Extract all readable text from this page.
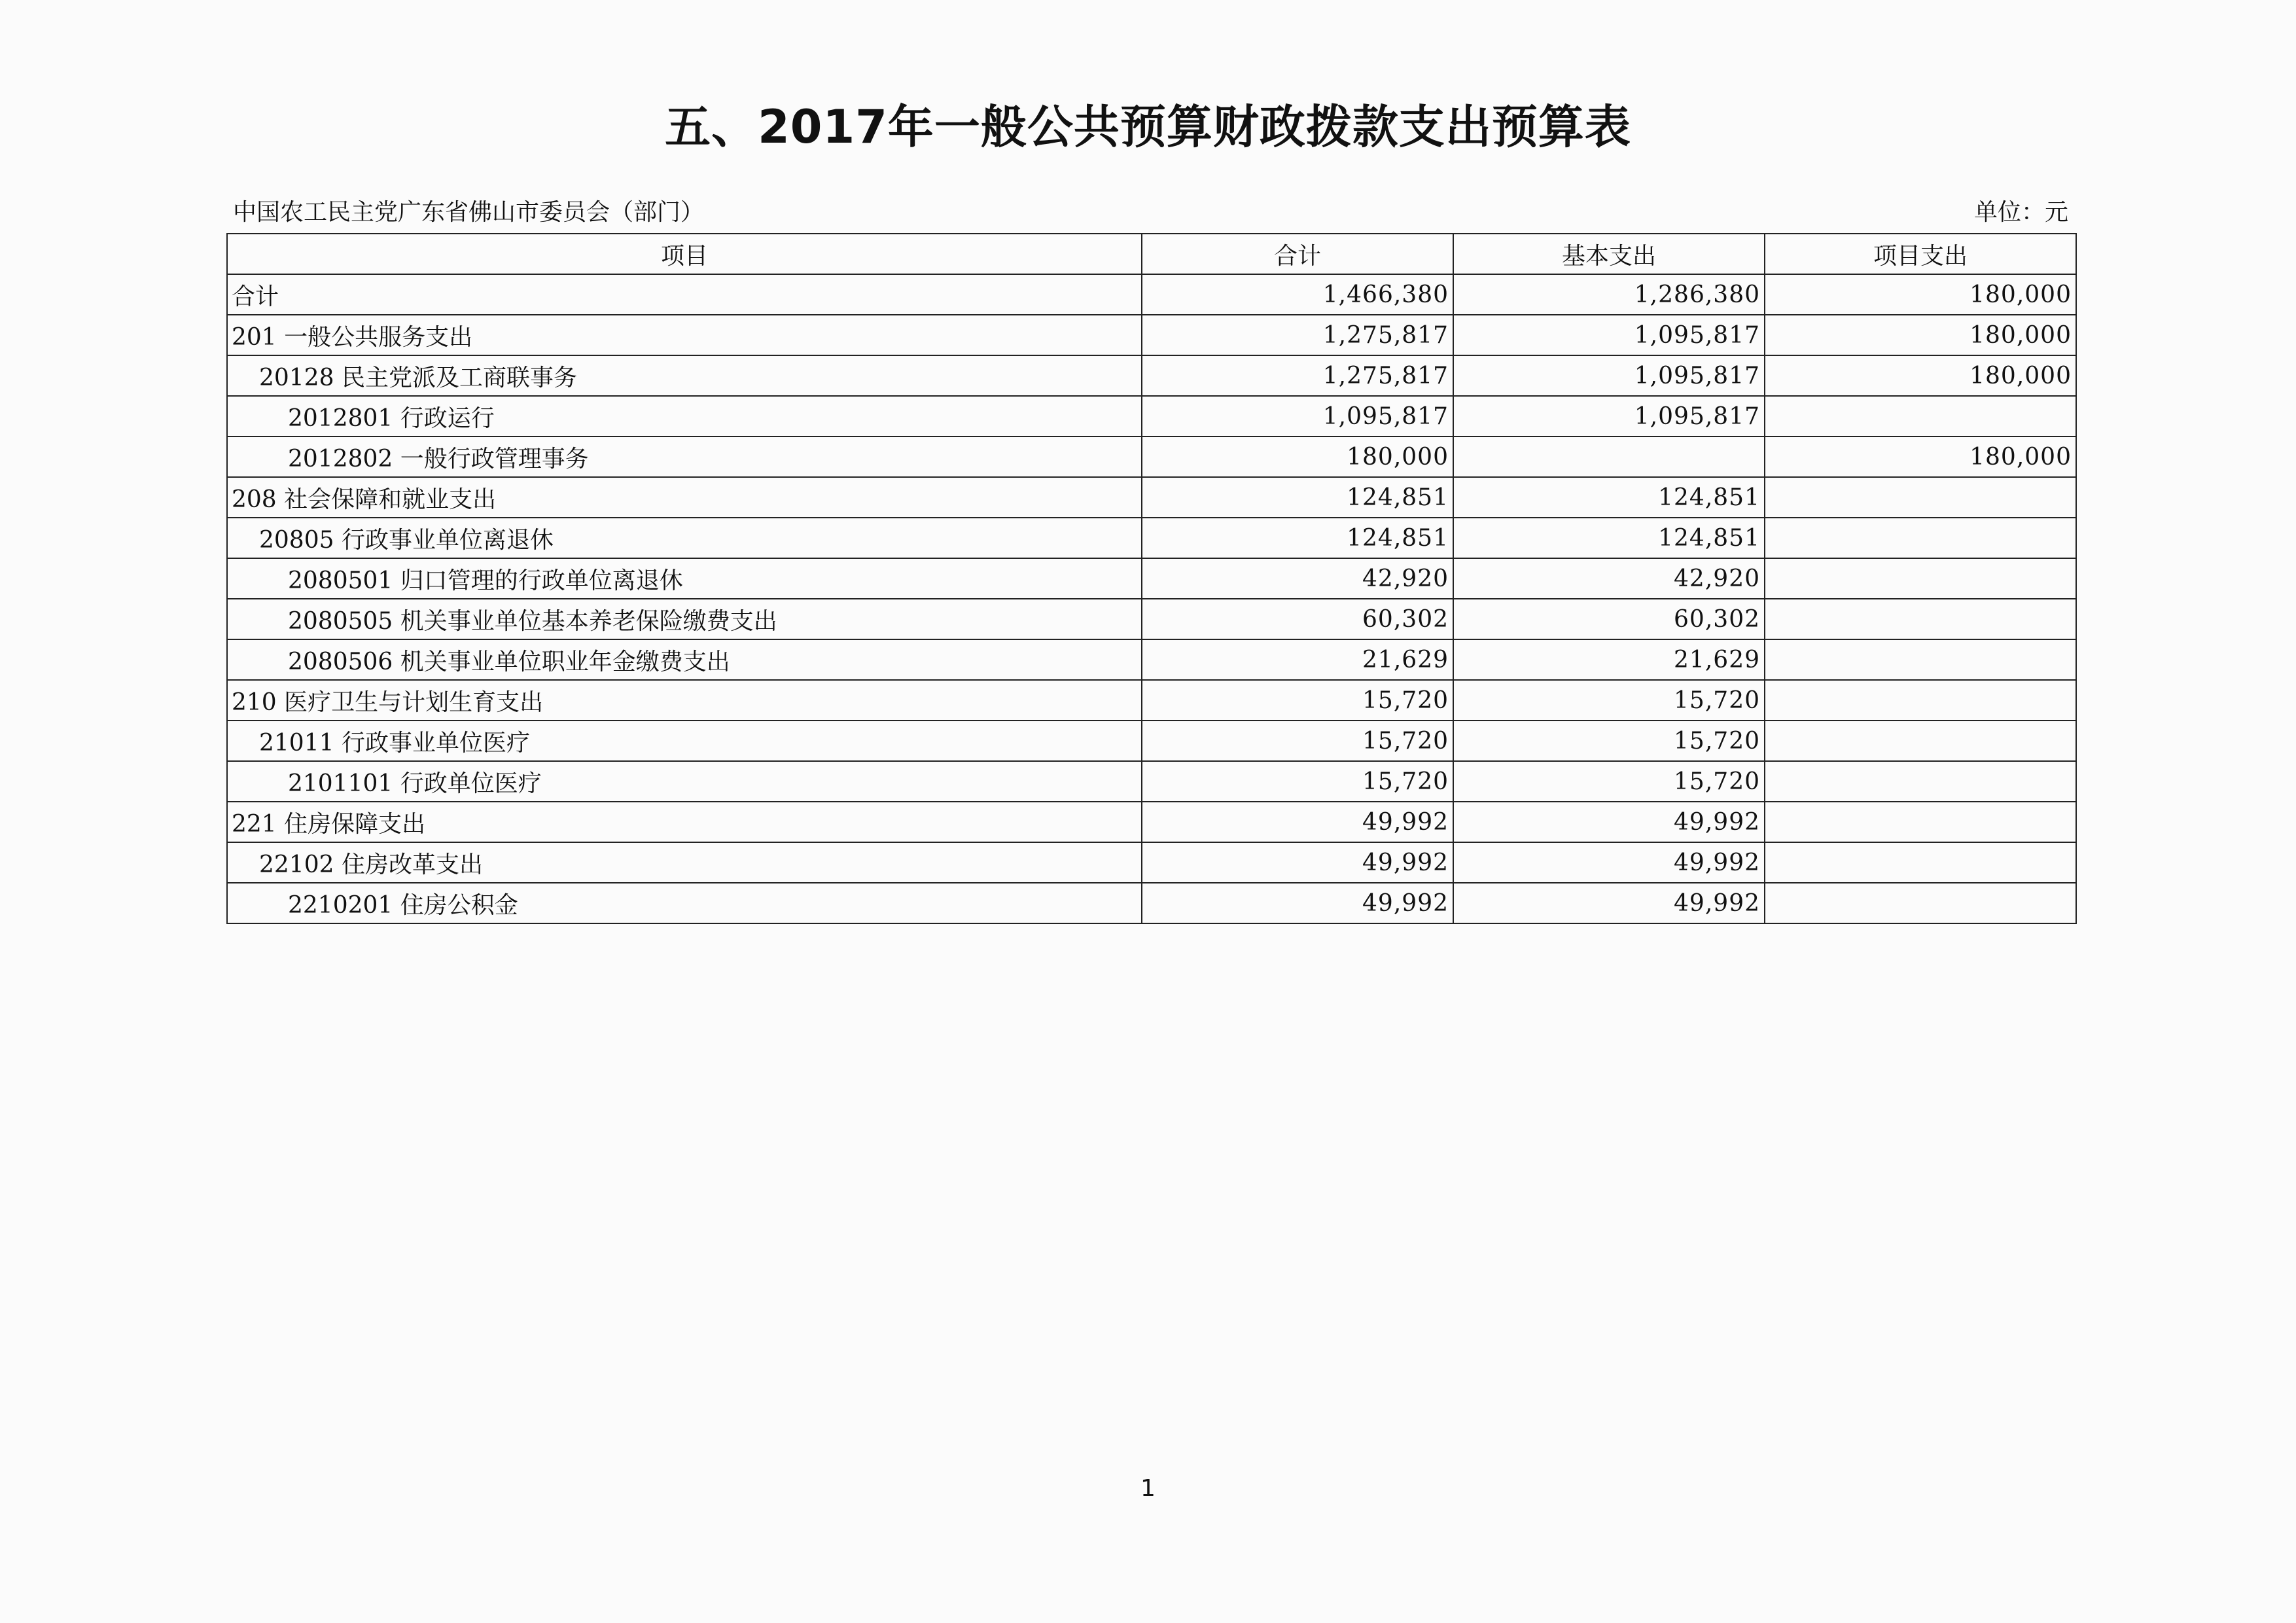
五、2017年一般公共预算财政拨款支出预算表
中国农工民主党广东省佛山市委员会（部门）	单位：元
项目	合计	基本支出	项目支出
合计	1,466,380	1,286,380	180,000
201 一般公共服务支出	1,275,817	1,095,817	180,000
20128 民主党派及工商联事务	1,275,817	1,095,817	180,000
2012801 行政运行	1,095,817	1,095,817	
2012802 一般行政管理事务	180,000		180,000
208 社会保障和就业支出	124,851	124,851	
20805 行政事业单位离退休	124,851	124,851	
2080501 归口管理的行政单位离退休	42,920	42,920	
2080505 机关事业单位基本养老保险缴费支出	60,302	60,302	
2080506 机关事业单位职业年金缴费支出	21,629	21,629	
210 医疗卫生与计划生育支出	15,720	15,720	
21011 行政事业单位医疗	15,720	15,720	
2101101 行政单位医疗	15,720	15,720	
221 住房保障支出	49,992	49,992	
22102 住房改革支出	49,992	49,992	
2210201 住房公积金	49,992	49,992	
1
